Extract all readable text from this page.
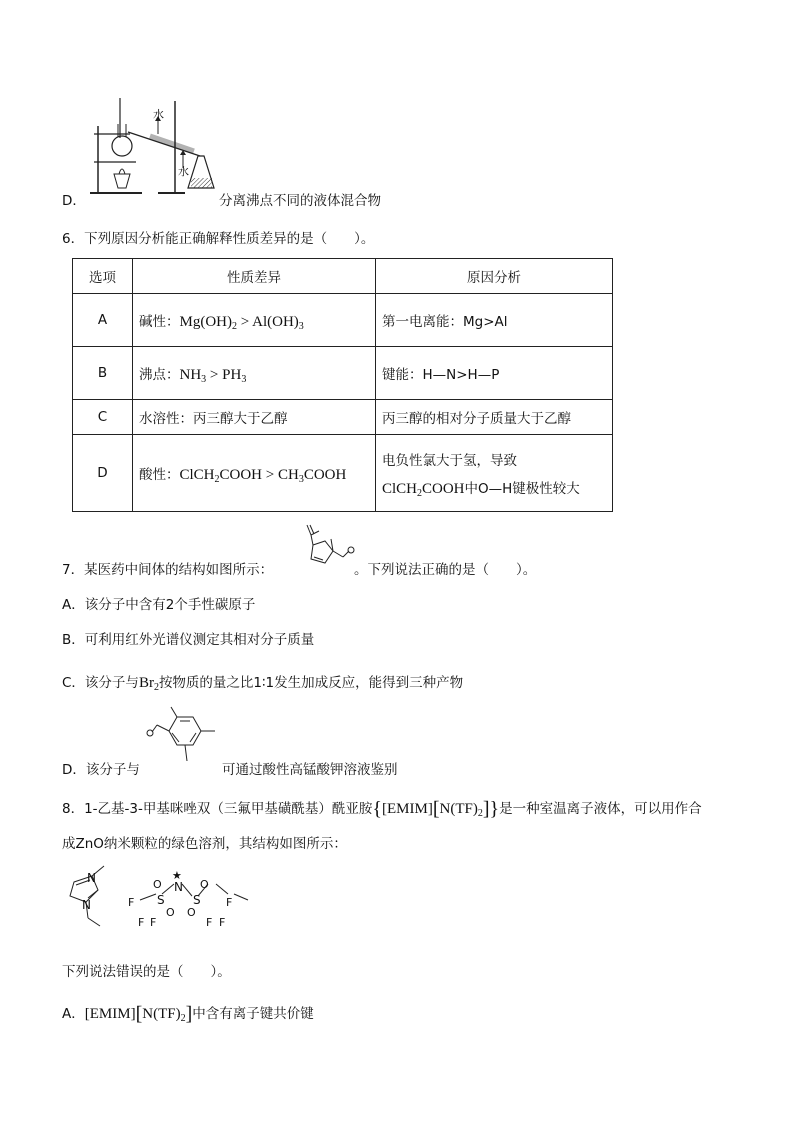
水
水
D．	分离沸点不同的液体混合物
6．下列原因分析能正确解释性质差异的是（　　）。
选项	性质差异	原因分析
A	碱性：$Mg(OH)_2 > Al(OH)_3$	第一电离能：Mg>Al
B	沸点：$NH_3 > PH_3$	键能：H—N>H—P
C	水溶性：丙三醇大于乙醇	丙三醇的相对分子质量大于乙醇
D	酸性：ClCH$_2$COOH > $CH_3COOH$	电负性氯大于氢，导致
ClCH$_2$COOH中O—H键极性较大
7．某医药中间体的结构如图所示：	。下列说法正确的是（　　）。
A．该分子中含有2个手性碳原子
B．可利用红外光谱仪测定其相对分子质量
C．该分子与$Br_2$按物质的量之比1∶1发生加成反应，能得到三种产物
D．该分子与	可通过酸性高锰酸钾溶液鉴别
8．1-乙基-3-甲基咪唑双（三氟甲基磺酰基）酰亚胺$\{[EMIM][N(TF)_2]\}$是一种室温离子液体，可以用作合
成ZnO纳米颗粒的绿色溶剂，其结构如图所示：
N
N
★
N
S S
O
O
O
O
F
F F
F
F F
下列说法错误的是（　　）。
A．$[EMIM][N(TF)_2]$中含有离子键共价键
